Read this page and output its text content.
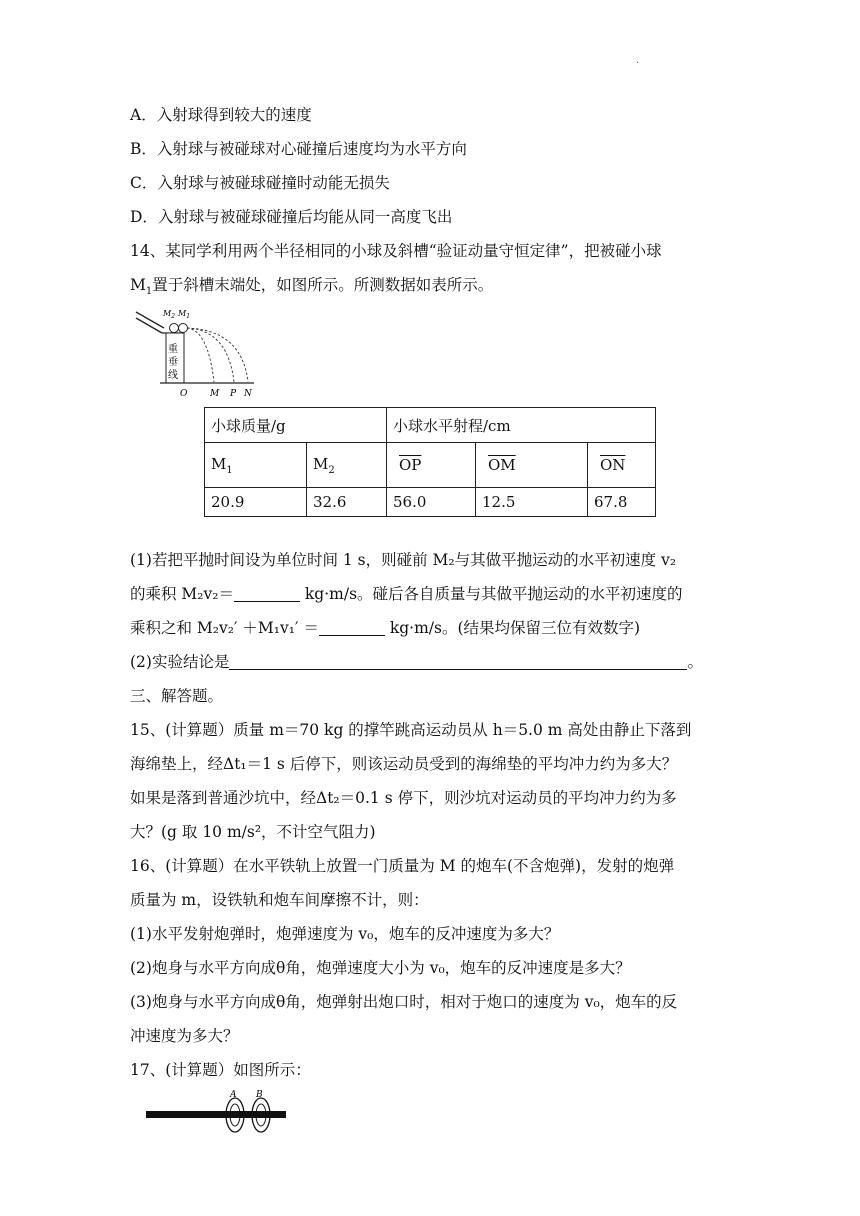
·
A．入射球得到较大的速度
B．入射球与被碰球对心碰撞后速度均为水平方向
C．入射球与被碰球碰撞时动能无损失
D．入射球与被碰球碰撞后均能从同一高度飞出
14、某同学利用两个半径相同的小球及斜槽“验证动量守恒定律”，把被碰小球
$M_1$置于斜槽末端处，如图所示。所测数据如表所示。
$M_2$ $M_1$
重
垂
线
O	M P N
小球质量/g		小球水平射程/cm		
$M_1$	$M_2$	$\overline{OP}$	$\overline{OM}$	$\overline{ON}$
20.9	32.6	56.0	12.5	67.8
(1)若把平抛时间设为单位时间 1 s，则碰前 M₂与其做平抛运动的水平初速度 v₂
的乘积 M₂v₂＝	kg·m/s。碰后各自质量与其做平抛运动的水平初速度的
乘积之和 M₂v₂′ ＋M₁v₁′ ＝	kg·m/s。(结果均保留三位有效数字)
(2)实验结论是	。
三、解答题。
15、(计算题）质量 m＝70 kg 的撑竿跳高运动员从 h＝5.0 m 高处由静止下落到
海绵垫上，经Δt₁＝1 s 后停下，则该运动员受到的海绵垫的平均冲力约为多大？
如果是落到普通沙坑中，经Δt₂＝0.1 s 停下，则沙坑对运动员的平均冲力约为多
大？(g 取 10 m/s²，不计空气阻力)
16、(计算题）在水平铁轨上放置一门质量为 M 的炮车(不含炮弹)，发射的炮弹
质量为 m，设铁轨和炮车间摩擦不计，则：
(1)水平发射炮弹时，炮弹速度为 v₀，炮车的反冲速度为多大？
(2)炮身与水平方向成θ角，炮弹速度大小为 v₀，炮车的反冲速度是多大？
(3)炮身与水平方向成θ角，炮弹射出炮口时，相对于炮口的速度为 v₀，炮车的反
冲速度为多大？
17、(计算题）如图所示：
A B
